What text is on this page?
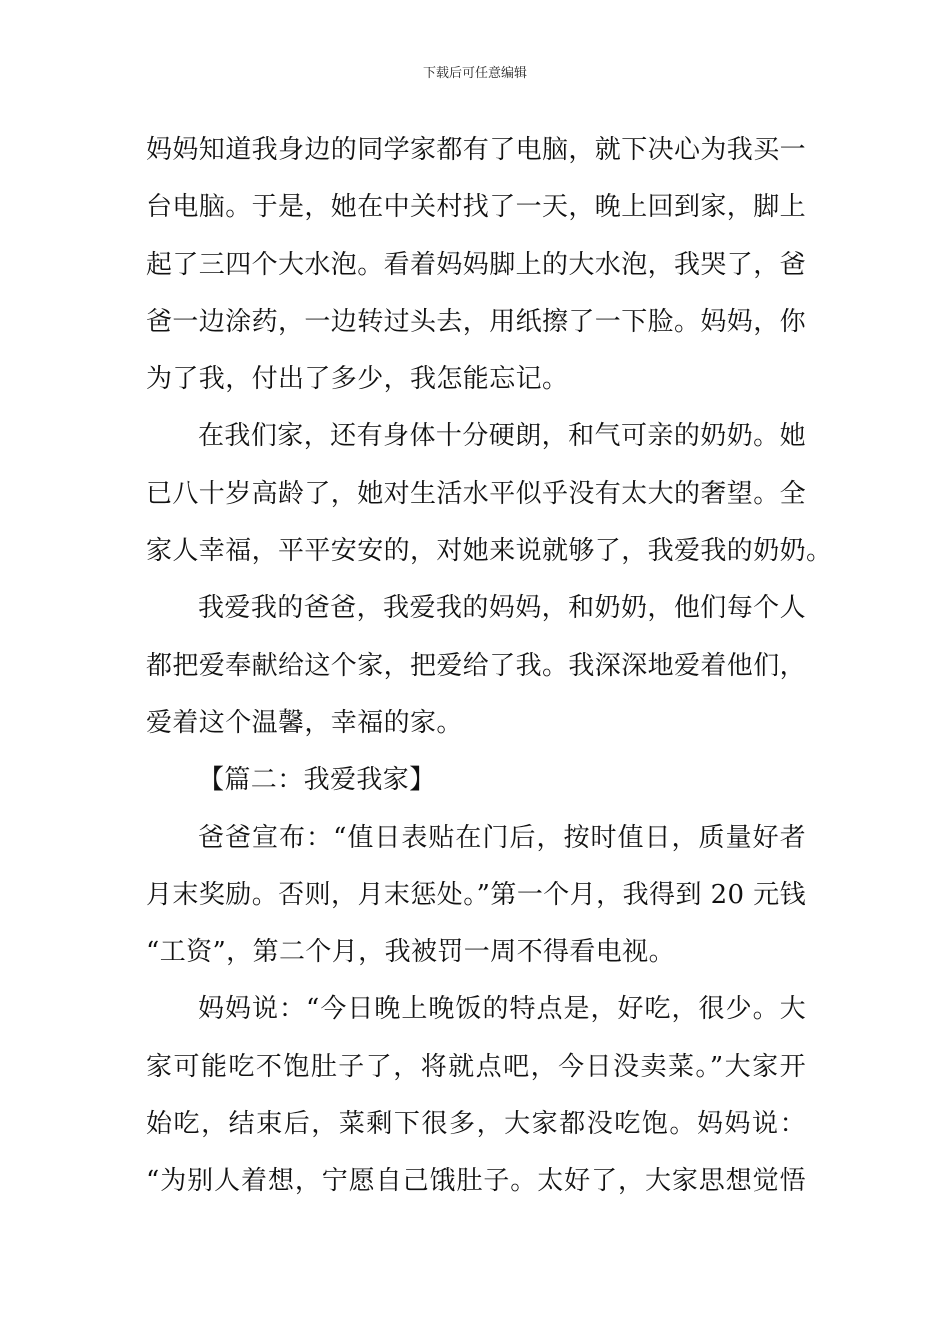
下载后可任意编辑
妈妈知道我身边的同学家都有了电脑，就下决心为我买一
台电脑。于是，她在中关村找了一天，晚上回到家，脚上
起了三四个大水泡。看着妈妈脚上的大水泡，我哭了，爸
爸一边涂药，一边转过头去，用纸擦了一下脸。妈妈，你
为了我，付出了多少，我怎能忘记。
在我们家，还有身体十分硬朗，和气可亲的奶奶。她
已八十岁高龄了，她对生活水平似乎没有太大的奢望。全
家人幸福，平平安安的，对她来说就够了，我爱我的奶奶。
我爱我的爸爸，我爱我的妈妈，和奶奶，他们每个人
都把爱奉献给这个家，把爱给了我。我深深地爱着他们，
爱着这个温馨，幸福的家。
【篇二：我爱我家】
爸爸宣布：“值日表贴在门后，按时值日，质量好者
月末奖励。否则，月末惩处。”第一个月，我得到 20 元钱
“工资”，第二个月，我被罚一周不得看电视。
妈妈说：“今日晚上晚饭的特点是，好吃，很少。大
家可能吃不饱肚子了，将就点吧，今日没卖菜。”大家开
始吃，结束后，菜剩下很多，大家都没吃饱。妈妈说：
“为别人着想，宁愿自己饿肚子。太好了，大家思想觉悟
